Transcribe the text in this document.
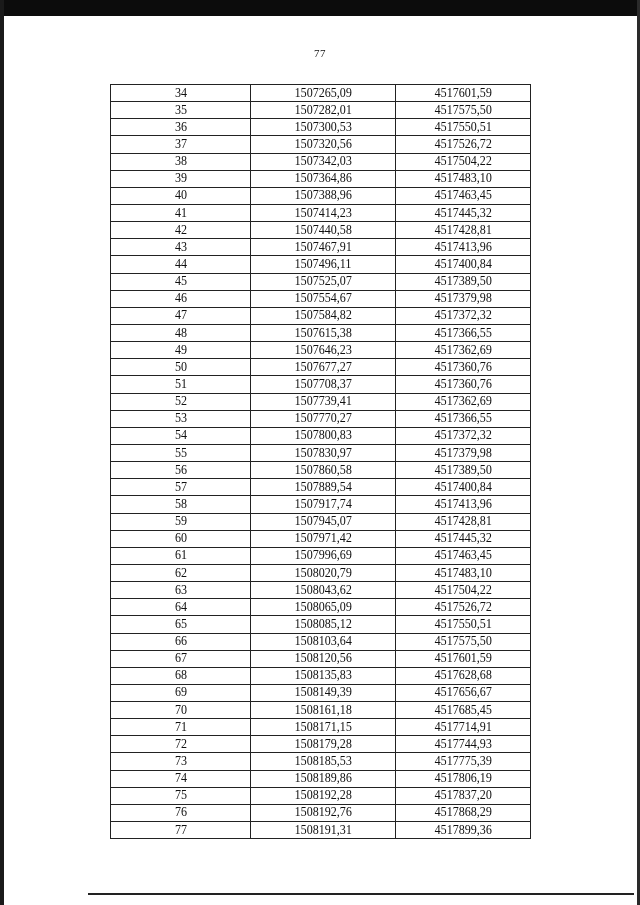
77
34	1507265,09	4517601,59
35	1507282,01	4517575,50
36	1507300,53	4517550,51
37	1507320,56	4517526,72
38	1507342,03	4517504,22
39	1507364,86	4517483,10
40	1507388,96	4517463,45
41	1507414,23	4517445,32
42	1507440,58	4517428,81
43	1507467,91	4517413,96
44	1507496,11	4517400,84
45	1507525,07	4517389,50
46	1507554,67	4517379,98
47	1507584,82	4517372,32
48	1507615,38	4517366,55
49	1507646,23	4517362,69
50	1507677,27	4517360,76
51	1507708,37	4517360,76
52	1507739,41	4517362,69
53	1507770,27	4517366,55
54	1507800,83	4517372,32
55	1507830,97	4517379,98
56	1507860,58	4517389,50
57	1507889,54	4517400,84
58	1507917,74	4517413,96
59	1507945,07	4517428,81
60	1507971,42	4517445,32
61	1507996,69	4517463,45
62	1508020,79	4517483,10
63	1508043,62	4517504,22
64	1508065,09	4517526,72
65	1508085,12	4517550,51
66	1508103,64	4517575,50
67	1508120,56	4517601,59
68	1508135,83	4517628,68
69	1508149,39	4517656,67
70	1508161,18	4517685,45
71	1508171,15	4517714,91
72	1508179,28	4517744,93
73	1508185,53	4517775,39
74	1508189,86	4517806,19
75	1508192,28	4517837,20
76	1508192,76	4517868,29
77	1508191,31	4517899,36
